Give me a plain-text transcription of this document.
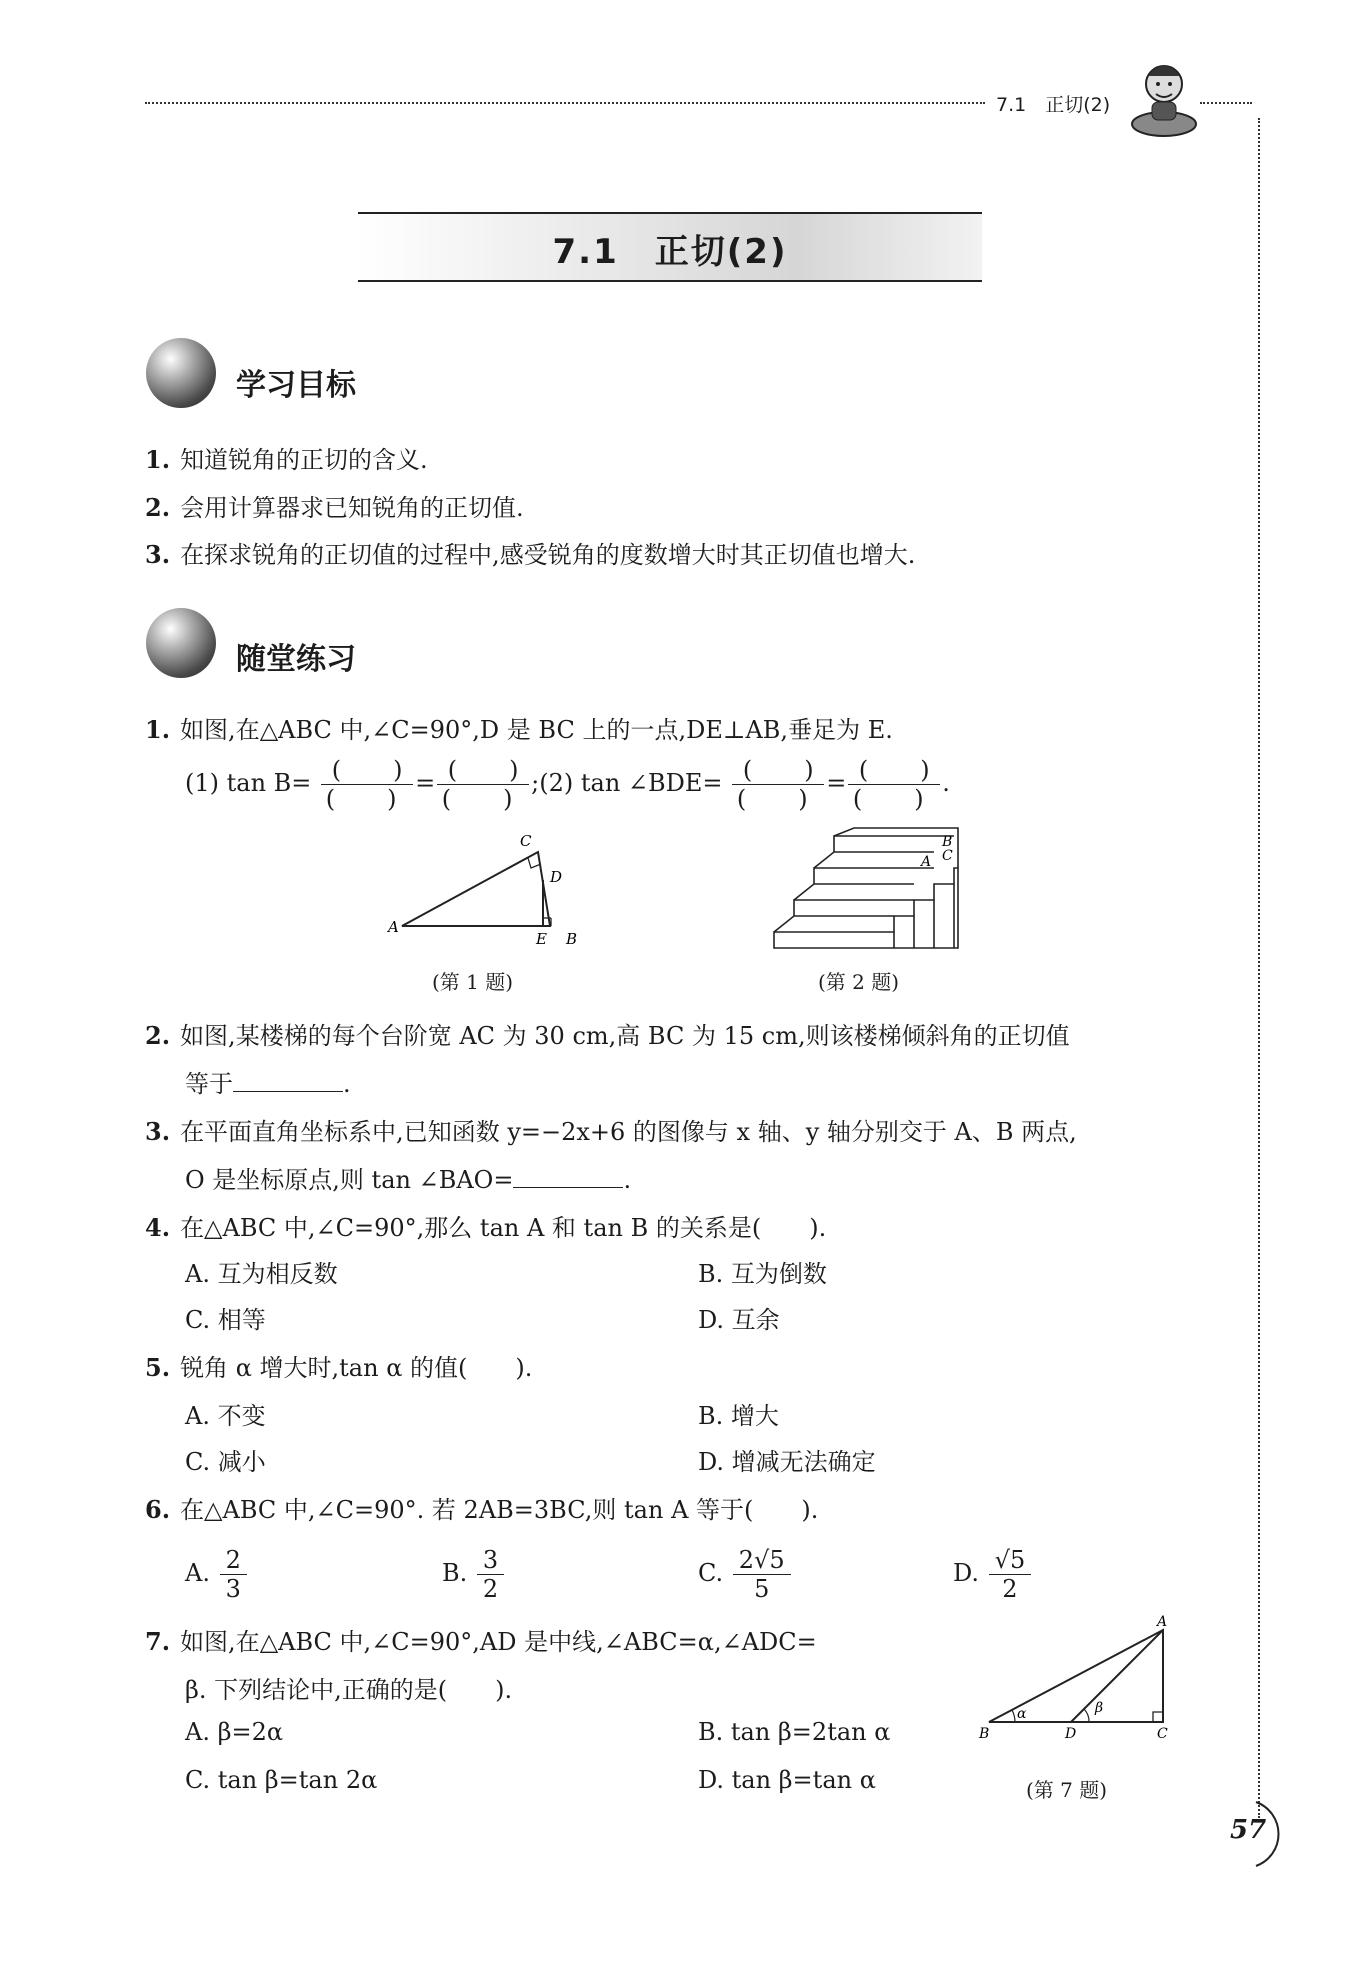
7.1　正切(2)
7.1　正切(2)
学习目标
1. 知道锐角的正切的含义.
2. 会用计算器求已知锐角的正切值.
3. 在探求锐角的正切值的过程中,感受锐角的度数增大时其正切值也增大.
随堂练习
1. 如图,在△ABC 中,∠C=90°,D 是 BC 上的一点,DE⊥AB,垂足为 E.
(1) $\tan B= \frac{( )}{( )} = \frac{( )}{( )}$ ;(2) tan ∠BDE= $\frac{( )}{( )} = \frac{( )}{( )}$ .
A
C
D
E B
(第 1 题)
A
B
C
(第 2 题)
2. 如图,某楼梯的每个台阶宽 AC 为 30 cm,高 BC 为 15 cm,则该楼梯倾斜角的正切值
等于	.
3. 在平面直角坐标系中,已知函数 y=−2x+6 的图像与 x 轴、y 轴分别交于 A、B 两点,
O 是坐标原点,则 tan ∠BAO=	.
4. 在△ABC 中,∠C=90°,那么 tan A 和 tan B 的关系是(　　).
A. 互为相反数	B. 互为倒数
C. 相等	D. 互余
5. 锐角 α 增大时,tan α 的值(　　).
A. 不变	B. 增大
C. 减小	D. 增减无法确定
6. 在△ABC 中,∠C=90°. 若 2AB=3BC,则 tan A 等于(　　).
A. $\frac{2}{3}$	B. $\frac{3}{2}$	C. $\frac{2√5}{5}$	D. $\frac{√5}{2}$
7. 如图,在△ABC 中,∠C=90°,AD 是中线,∠ABC=α,∠ADC=
β. 下列结论中,正确的是(　　).
A. β=2α	B. tan β=2tan α
C. tan β=tan 2α	D. tan β=tan α
α	β
A
B	D	C
(第 7 题)
57
